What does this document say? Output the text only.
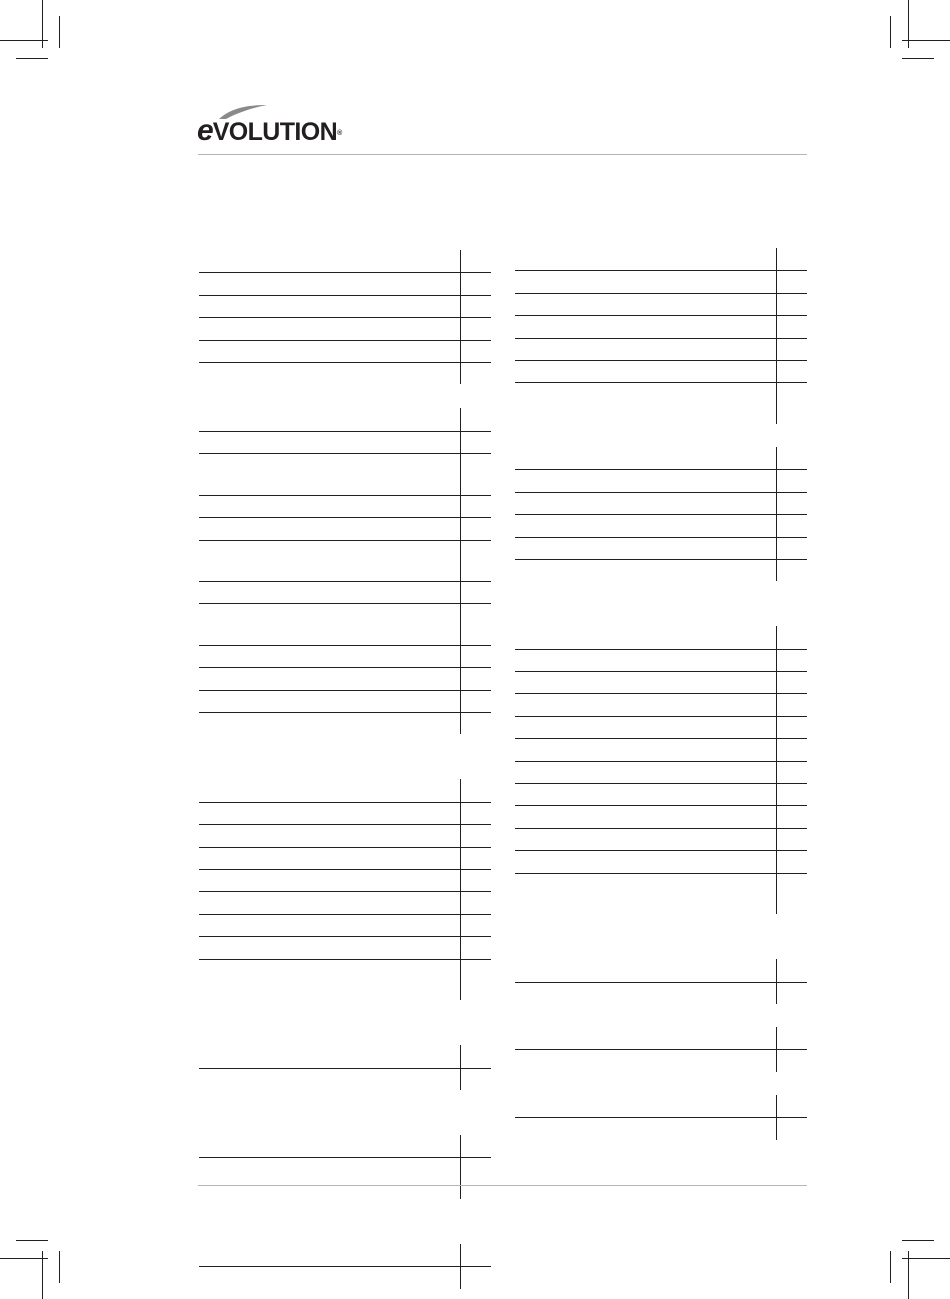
eVOLUTION®
